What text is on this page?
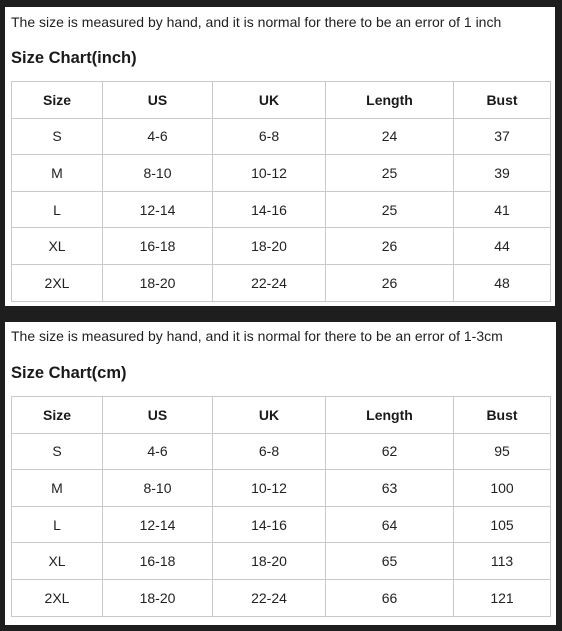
The size is measured by hand, and it is normal for there to be an error of 1 inch
Size Chart(inch)
Size	US	UK	Length	Bust
S	4-6	6-8	24	37
M	8-10	10-12	25	39
L	12-14	14-16	25	41
XL	16-18	18-20	26	44
2XL	18-20	22-24	26	48
The size is measured by hand, and it is normal for there to be an error of 1-3cm
Size Chart(cm)
Size	US	UK	Length	Bust
S	4-6	6-8	62	95
M	8-10	10-12	63	100
L	12-14	14-16	64	105
XL	16-18	18-20	65	113
2XL	18-20	22-24	66	121
